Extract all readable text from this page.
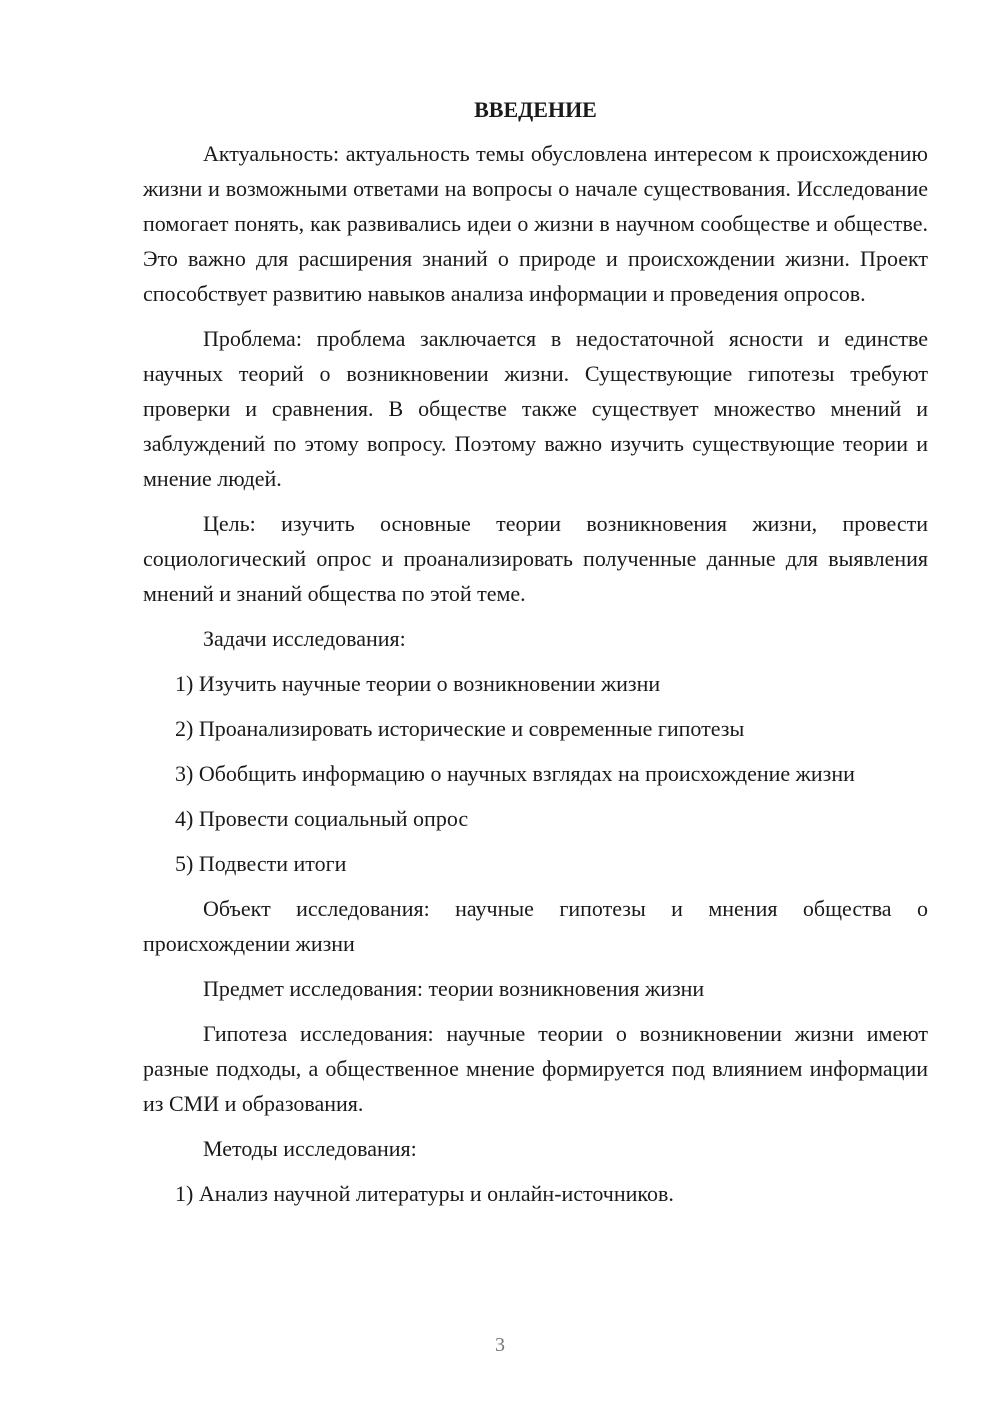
ВВЕДЕНИЕ

Актуальность: актуальность темы обусловлена интересом к происхождению жизни и возможными ответами на вопросы о начале существования. Исследование помогает понять, как развивались идеи о жизни в научном сообществе и обществе. Это важно для расширения знаний о природе и происхождении жизни. Проект способствует развитию навыков анализа информации и проведения опросов.

Проблема: проблема заключается в недостаточной ясности и единстве научных теорий о возникновении жизни. Существующие гипотезы требуют проверки и сравнения. В обществе также существует множество мнений и заблуждений по этому вопросу. Поэтому важно изучить существующие теории и мнение людей.

Цель: изучить основные теории возникновения жизни, провести социологический опрос и проанализировать полученные данные для выявления мнений и знаний общества по этой теме.

Задачи исследования:

1) Изучить научные теории о возникновении жизни

2) Проанализировать исторические и современные гипотезы

3) Обобщить информацию о научных взглядах на происхождение жизни

4) Провести социальный опрос

5) Подвести итоги

Объект исследования: научные гипотезы и мнения общества о происхождении жизни

Предмет исследования: теории возникновения жизни

Гипотеза исследования: научные теории о возникновении жизни имеют разные подходы, а общественное мнение формируется под влиянием информации из СМИ и образования.

Методы исследования:

1) Анализ научной литературы и онлайн-источников.

3
